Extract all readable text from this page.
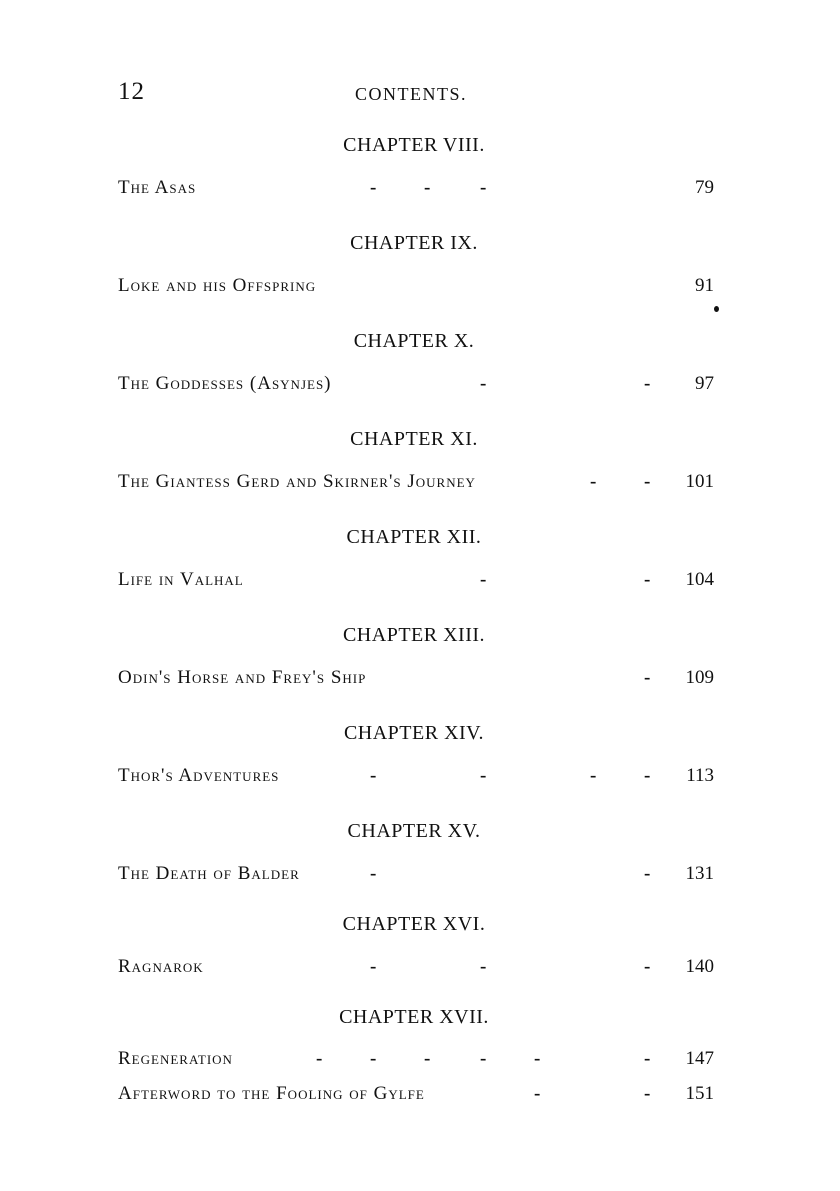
12	CONTENTS.
CHAPTER VIII.
The Asas	-	-	-	79
CHAPTER IX.
Loke and his Offspring	91
CHAPTER X.
The Goddesses (Asynjes)	-	- 97
CHAPTER XI.
The Giantess Gerd and Skirner's Journey	-	- 101
CHAPTER XII.
Life in Valhal	-	- 104
CHAPTER XIII.
Odin's Horse and Frey's Ship	- 109
CHAPTER XIV.
Thor's Adventures	-	-	-	- 113
CHAPTER XV.
The Death of Balder	-	- 131
CHAPTER XVI.
Ragnarok	-	-	- 140
CHAPTER XVII.
Regeneration	-	-	-	-	-	- 147
Afterword to the Fooling of Gylfe	-	- 151
